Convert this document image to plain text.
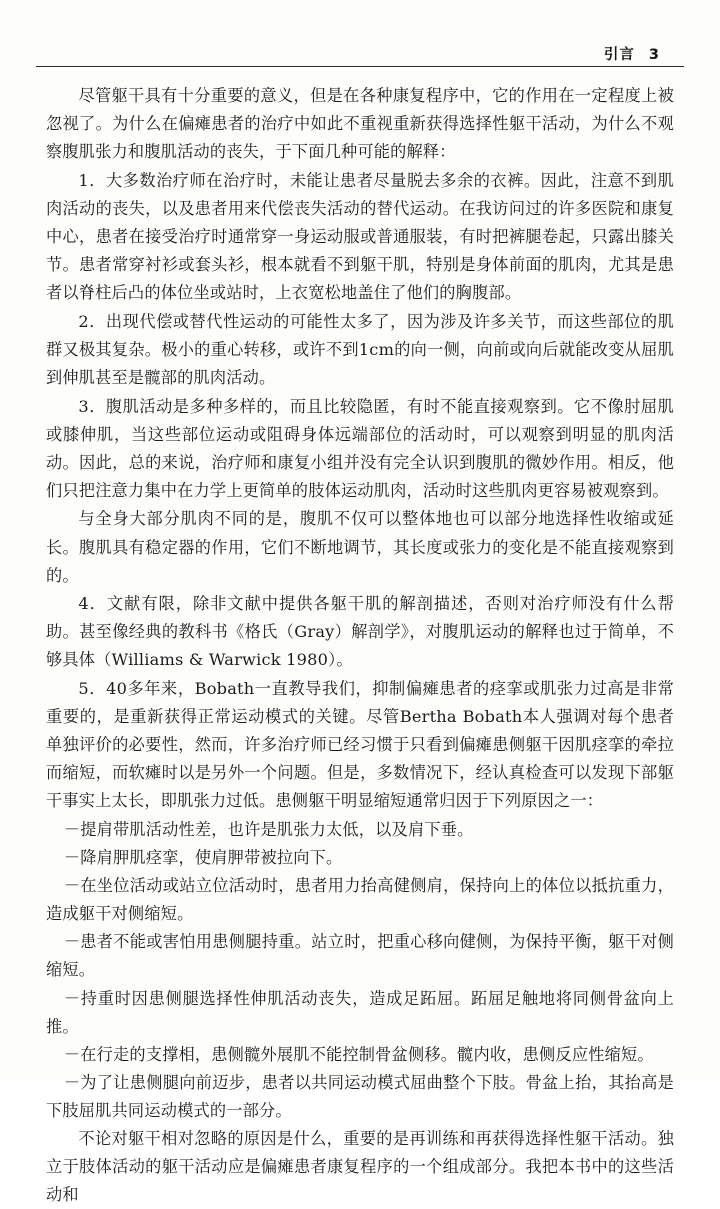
引言 3

尽管躯干具有十分重要的意义，但是在各种康复程序中，它的作用在一定程度上被忽视了。为什么在偏瘫患者的治疗中如此不重视重新获得选择性躯干活动，为什么不观察腹肌张力和腹肌活动的丧失，于下面几种可能的解释：

1．大多数治疗师在治疗时，未能让患者尽量脱去多余的衣裤。因此，注意不到肌肉活动的丧失，以及患者用来代偿丧失活动的替代运动。在我访问过的许多医院和康复中心，患者在接受治疗时通常穿一身运动服或普通服装，有时把裤腿卷起，只露出膝关节。患者常穿衬衫或套头衫，根本就看不到躯干肌，特别是身体前面的肌肉，尤其是患者以脊柱后凸的体位坐或站时，上衣宽松地盖住了他们的胸腹部。

2．出现代偿或替代性运动的可能性太多了，因为涉及许多关节，而这些部位的肌群又极其复杂。极小的重心转移，或许不到1cm的向一侧，向前或向后就能改变从屈肌到伸肌甚至是髋部的肌肉活动。

3．腹肌活动是多种多样的，而且比较隐匿，有时不能直接观察到。它不像肘屈肌或膝伸肌，当这些部位运动或阻碍身体远端部位的活动时，可以观察到明显的肌肉活动。因此，总的来说，治疗师和康复小组并没有完全认识到腹肌的微妙作用。相反，他们只把注意力集中在力学上更简单的肢体运动肌肉，活动时这些肌肉更容易被观察到。

与全身大部分肌肉不同的是，腹肌不仅可以整体地也可以部分地选择性收缩或延长。腹肌具有稳定器的作用，它们不断地调节，其长度或张力的变化是不能直接观察到的。

4．文献有限，除非文献中提供各躯干肌的解剖描述，否则对治疗师没有什么帮助。甚至像经典的教科书《格氏（Gray）解剖学》，对腹肌运动的解释也过于简单，不够具体（Williams & Warwick 1980）。

5．40多年来，Bobath一直教导我们，抑制偏瘫患者的痉挛或肌张力过高是非常重要的，是重新获得正常运动模式的关键。尽管Bertha Bobath本人强调对每个患者单独评价的必要性，然而，许多治疗师已经习惯于只看到偏瘫患侧躯干因肌痉挛的牵拉而缩短，而软瘫时以是另外一个问题。但是，多数情况下，经认真检查可以发现下部躯干事实上太长，即肌张力过低。患侧躯干明显缩短通常归因于下列原因之一：

－提肩带肌活动性差，也许是肌张力太低，以及肩下垂。

－降肩胛肌痉挛，使肩胛带被拉向下。

－在坐位活动或站立位活动时，患者用力抬高健侧肩，保持向上的体位以抵抗重力，造成躯干对侧缩短。

－患者不能或害怕用患侧腿持重。站立时，把重心移向健侧，为保持平衡，躯干对侧缩短。

－持重时因患侧腿选择性伸肌活动丧失，造成足跖屈。跖屈足触地将同侧骨盆向上推。

－在行走的支撑相，患侧髋外展肌不能控制骨盆侧移。髋内收，患侧反应性缩短。

－为了让患侧腿向前迈步，患者以共同运动模式屈曲整个下肢。骨盆上抬，其抬高是下肢屈肌共同运动模式的一部分。

不论对躯干相对忽略的原因是什么，重要的是再训练和再获得选择性躯干活动。独立于肢体活动的躯干活动应是偏瘫患者康复程序的一个组成部分。我把本书中的这些活动和
